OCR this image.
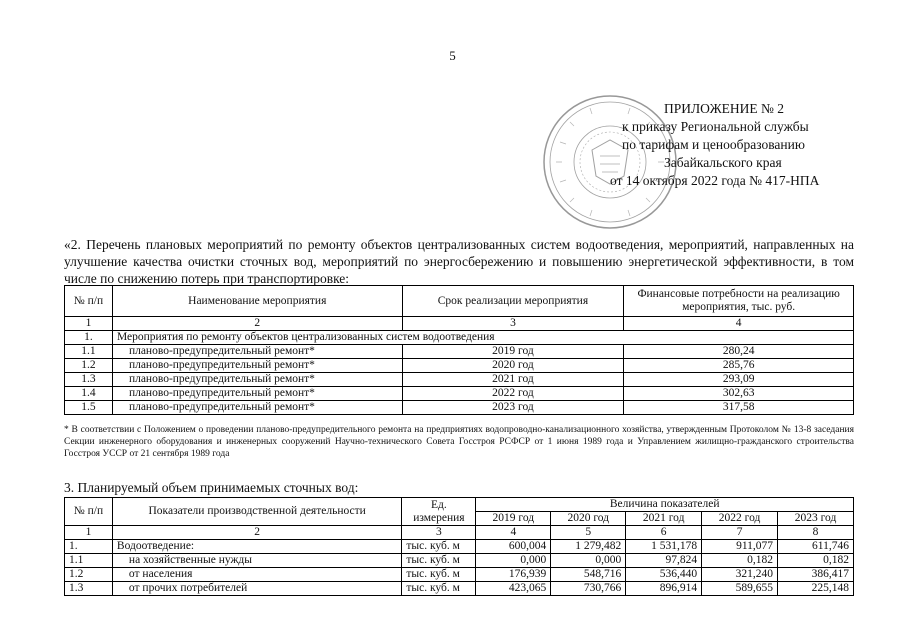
5
ПРИЛОЖЕНИЕ № 2
к приказу Региональной службы
по тарифам и ценообразованию
Забайкальского края
от 14 октября 2022 года № 417-НПА
«2. Перечень плановых мероприятий по ремонту объектов централизованных систем водоотведения, мероприятий, направленных на улучшение качества очистки сточных вод, мероприятий по энергосбережению и повышению энергетической эффективности, в том числе по снижению потерь при транспортировке:
№ п/п	Наименование мероприятия	Срок реализации мероприятия	Финансовые потребности на реализацию мероприятия, тыс. руб.
1	2	3	4
1.	Мероприятия по ремонту объектов централизованных систем водоотведения		
1.1	планово-предупредительный ремонт*	2019 год	280,24
1.2	планово-предупредительный ремонт*	2020 год	285,76
1.3	планово-предупредительный ремонт*	2021 год	293,09
1.4	планово-предупредительный ремонт*	2022 год	302,63
1.5	планово-предупредительный ремонт*	2023 год	317,58
* В соответствии с Положением о проведении планово-предупредительного ремонта на предприятиях водопроводно-канализационного хозяйства, утвержденным Протоколом № 13-8 заседания Секции инженерного оборудования и инженерных сооружений Научно-технического Совета Госстроя РСФСР от 1 июня 1989 года и Управлением жилищно-гражданского строительства Госстроя УССР от 21 сентября 1989 года
3. Планируемый объем принимаемых сточных вод:
№ п/п	Показатели производственной деятельности	Ед. измерения	Величина показателей				
			2019 год	2020 год	2021 год	2022 год	2023 год
1	2	3	4	5	6	7	8
1.	Водоотведение:	тыс. куб. м	600,004	1 279,482	1 531,178	911,077	611,746
1.1	на хозяйственные нужды	тыс. куб. м	0,000	0,000	97,824	0,182	0,182
1.2	от населения	тыс. куб. м	176,939	548,716	536,440	321,240	386,417
1.3	от прочих потребителей	тыс. куб. м	423,065	730,766	896,914	589,655	225,148
